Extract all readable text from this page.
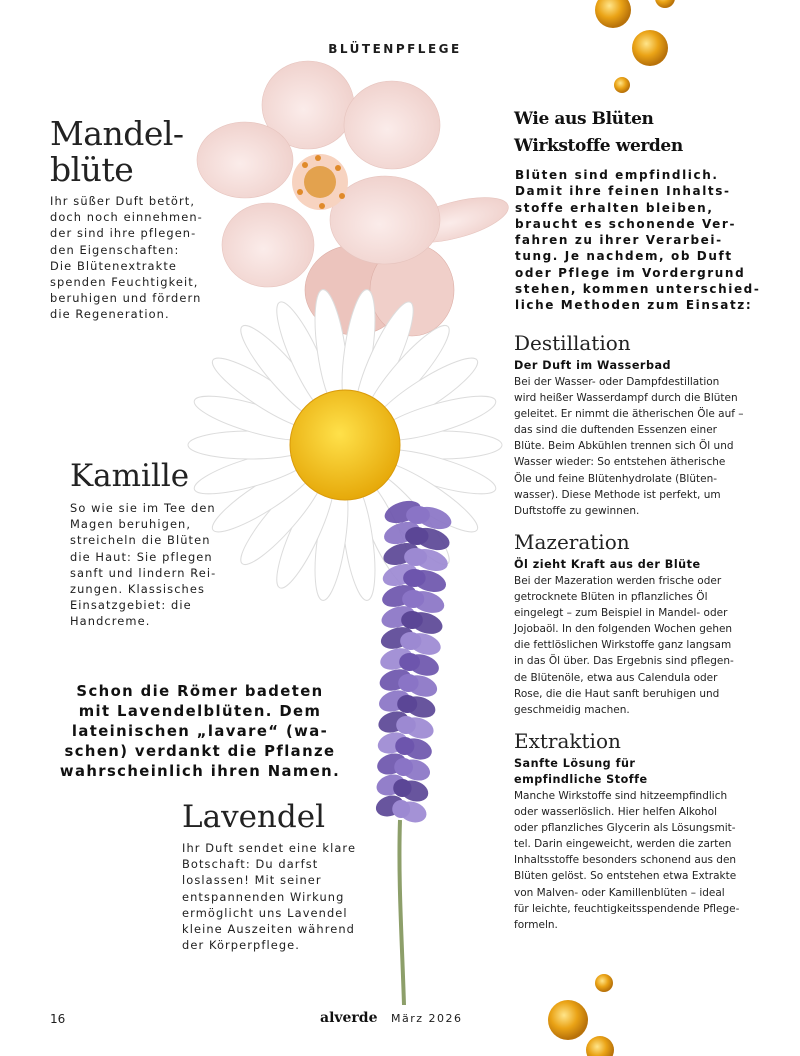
BLÜTENPFLEGE
Mandel-
blüte
Ihr süßer Duft betört,
doch noch einnehmen-
der sind ihre pflegen-
den Eigenschaften:
Die Blütenextrakte
spenden Feuchtigkeit,
beruhigen und fördern
die Regeneration.
Kamille
So wie sie im Tee den
Magen beruhigen,
streicheln die Blüten
die Haut: Sie pflegen
sanft und lindern Rei-
zungen. Klassisches
Einsatzgebiet: die
Handcreme.
Schon die Römer badeten
mit Lavendelblüten. Dem
lateinischen „lavare“ (wa-
schen) verdankt die Pflanze
wahrscheinlich ihren Namen.
Lavendel
Ihr Duft sendet eine klare
Botschaft: Du darfst
loslassen! Mit seiner
entspannenden Wirkung
ermöglicht uns Lavendel
kleine Auszeiten während
der Körperpflege.
Wie aus Blüten
Wirkstoffe werden
Blüten sind empfindlich.
Damit ihre feinen Inhalts-
stoffe erhalten bleiben,
braucht es schonende Ver-
fahren zu ihrer Verarbei-
tung. Je nachdem, ob Duft
oder Pflege im Vordergrund
stehen, kommen unterschied-
liche Methoden zum Einsatz:
Destillation
Der Duft im Wasserbad
Bei der Wasser- oder Dampfdestillation
wird heißer Wasserdampf durch die Blüten
geleitet. Er nimmt die ätherischen Öle auf –
das sind die duftenden Essenzen einer
Blüte. Beim Abkühlen trennen sich Öl und
Wasser wieder: So entstehen ätherische
Öle und feine Blütenhydrolate (Blüten-
wasser). Diese Methode ist perfekt, um
Duftstoffe zu gewinnen.
Mazeration
Öl zieht Kraft aus der Blüte
Bei der Mazeration werden frische oder
getrocknete Blüten in pflanzliches Öl
eingelegt – zum Beispiel in Mandel- oder
Jojobaöl. In den folgenden Wochen gehen
die fettlöslichen Wirkstoffe ganz langsam
in das Öl über. Das Ergebnis sind pflegen-
de Blütenöle, etwa aus Calendula oder
Rose, die die Haut sanft beruhigen und
geschmeidig machen.
Extraktion
Sanfte Lösung für
empfindliche Stoffe
Manche Wirkstoffe sind hitzeempfindlich
oder wasserlöslich. Hier helfen Alkohol
oder pflanzliches Glycerin als Lösungsmit-
tel. Darin eingeweicht, werden die zarten
Inhaltsstoffe besonders schonend aus den
Blüten gelöst. So entstehen etwa Extrakte
von Malven- oder Kamillenblüten – ideal
für leichte, feuchtigkeitsspendende Pflege-
formeln.
16	alverde März 2026
